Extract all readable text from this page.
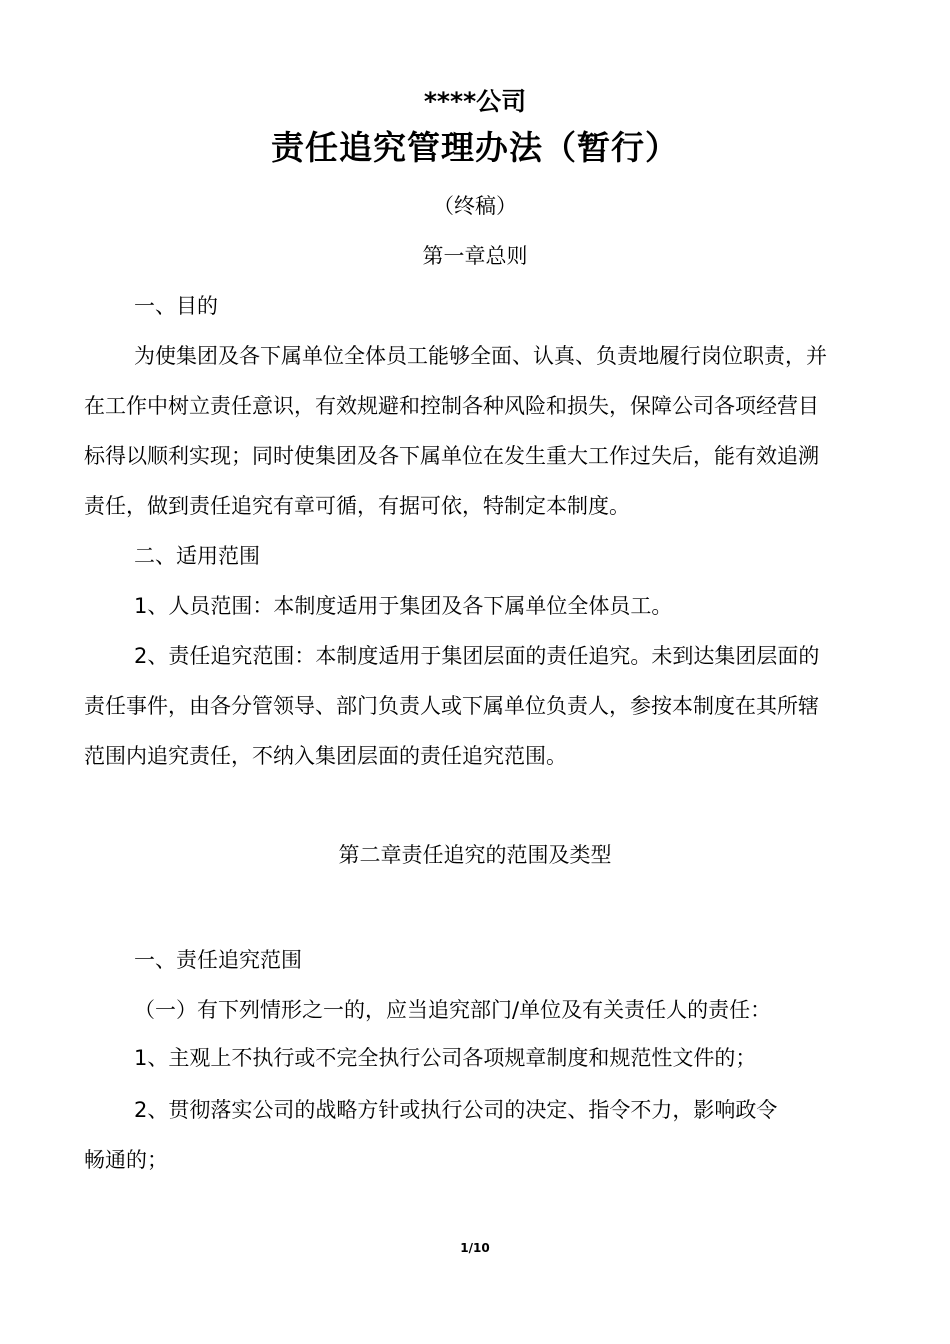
****公司
责任追究管理办法（暂行）
（终稿）
第一章总则
一、目的
为使集团及各下属单位全体员工能够全面、认真、负责地履行岗位职责，并
在工作中树立责任意识，有效规避和控制各种风险和损失，保障公司各项经营目
标得以顺利实现；同时使集团及各下属单位在发生重大工作过失后，能有效追溯
责任，做到责任追究有章可循，有据可依，特制定本制度。
二、适用范围
1、人员范围：本制度适用于集团及各下属单位全体员工。
2、责任追究范围：本制度适用于集团层面的责任追究。未到达集团层面的
责任事件，由各分管领导、部门负责人或下属单位负责人，参按本制度在其所辖
范围内追究责任，不纳入集团层面的责任追究范围。
第二章责任追究的范围及类型
一、责任追究范围
（一）有下列情形之一的，应当追究部门/单位及有关责任人的责任：
1、主观上不执行或不完全执行公司各项规章制度和规范性文件的；
2、贯彻落实公司的战略方针或执行公司的决定、指令不力，影响政令
畅通的；
1/10
